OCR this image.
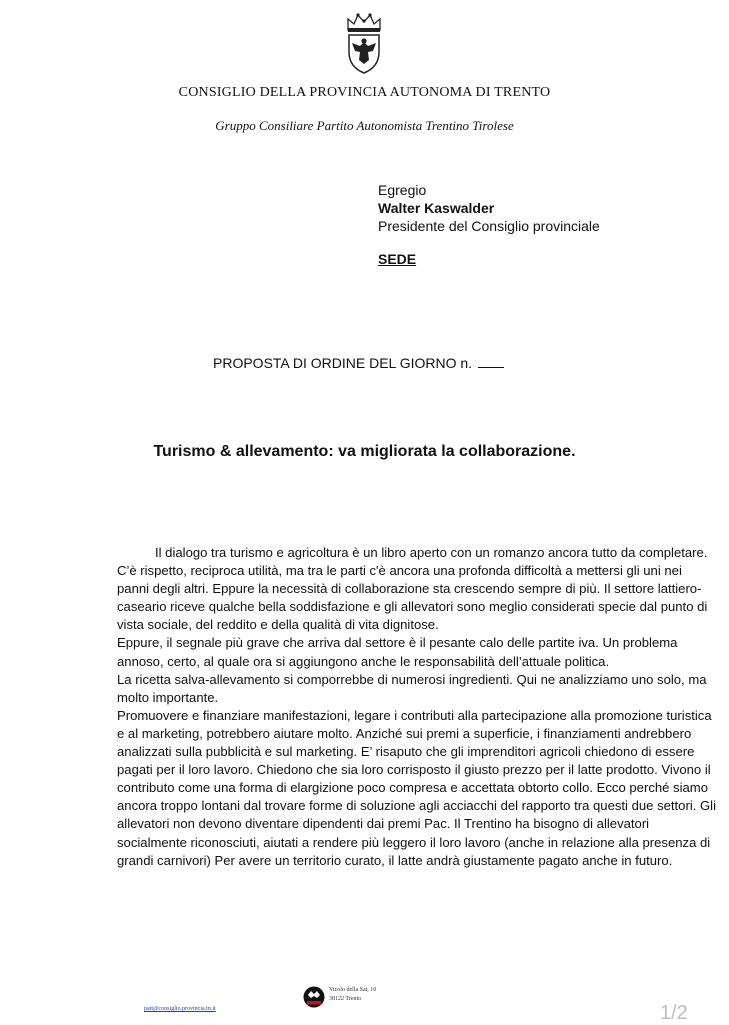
CONSIGLIO DELLA PROVINCIA AUTONOMA DI TRENTO
Gruppo Consiliare Partito Autonomista Trentino Tirolese
Egregio
Walter Kaswalder
Presidente del Consiglio provinciale
SEDE
PROPOSTA DI ORDINE DEL GIORNO n.
Turismo & allevamento: va migliorata la collaborazione.

Il dialogo tra turismo e agricoltura è un libro aperto con un romanzo ancora tutto da completare. C’è rispetto, reciproca utilità, ma tra le parti c'è ancora una profonda difficoltà a mettersi gli uni nei panni degli altri. Eppure la necessità di collaborazione sta crescendo sempre di più. Il settore lattiero-caseario riceve qualche bella soddisfazione e gli allevatori sono meglio considerati specie dal punto di vista sociale, del reddito e della qualità di vita dignitose.

Eppure, il segnale più grave che arriva dal settore è il pesante calo delle partite iva. Un problema annoso, certo, al quale ora si aggiungono anche le responsabilità dell’attuale politica.

La ricetta salva-allevamento si comporrebbe di numerosi ingredienti. Qui ne analizziamo uno solo, ma molto importante.

Promuovere e finanziare manifestazioni, legare i contributi alla partecipazione alla promozione turistica e al marketing, potrebbero aiutare molto. Anziché sui premi a superficie, i finanziamenti andrebbero analizzati sulla pubblicità e sul marketing. E’ risaputo che gli imprenditori agricoli chiedono di essere pagati per il loro lavoro. Chiedono che sia loro corrisposto il giusto prezzo per il latte prodotto. Vivono il contributo come una forma di elargizione poco compresa e accettata obtorto collo. Ecco perché siamo ancora troppo lontani dal trovare forme di soluzione agli acciacchi del rapporto tra questi due settori. Gli allevatori non devono diventare dipendenti dai premi Pac. Il Trentino ha bisogno di allevatori socialmente riconosciuti, aiutati a rendere più leggero il loro lavoro (anche in relazione alla presenza di grandi carnivori) Per avere un territorio curato, il latte andrà giustamente pagato anche in futuro.

Vicolo della Sat, 10
38122 Trento
patt@consiglio.provincia.tn.it	1/2
